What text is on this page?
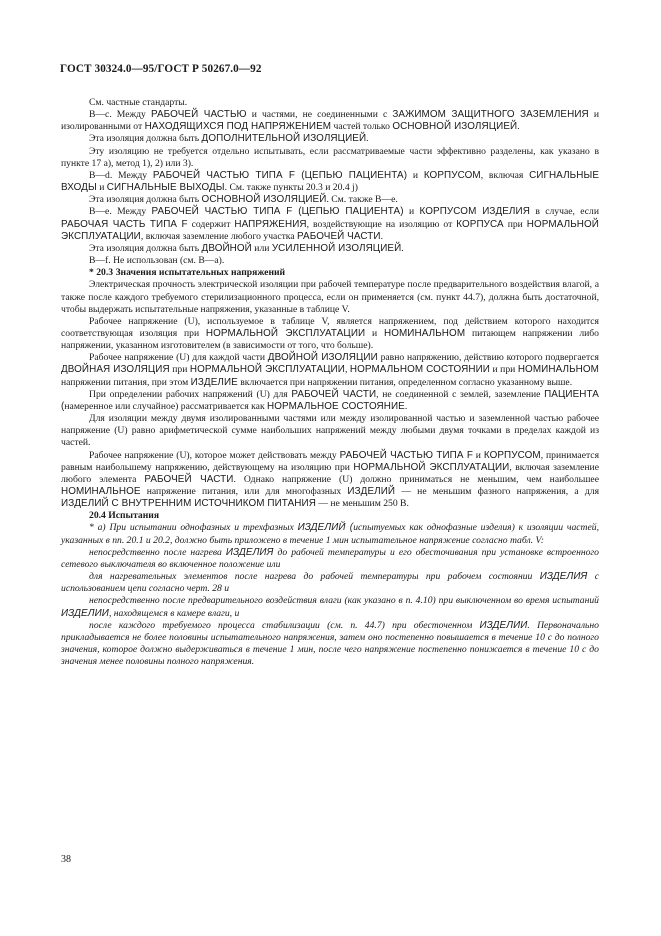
ГОСТ 30324.0—95/ГОСТ Р 50267.0—92

См. частные стандарты.

В—с. Между РАБОЧЕЙ ЧАСТЬЮ и частями, не соединенными с ЗАЖИМОМ ЗАЩИТНОГО ЗАЗЕМЛЕНИЯ и изолированными от НАХОДЯЩИХСЯ ПОД НАПРЯЖЕНИЕМ частей только ОСНОВНОЙ ИЗОЛЯЦИЕЙ.

Эта изоляция должна быть ДОПОЛНИТЕЛЬНОЙ ИЗОЛЯЦИЕЙ.

Эту изоляцию не требуется отдельно испытывать, если рассматриваемые части эффективно разделены, как указано в пункте 17 а), метод 1), 2) или 3).

В—d. Между РАБОЧЕЙ ЧАСТЬЮ ТИПА F (ЦЕПЬЮ ПАЦИЕНТА) и КОРПУСОМ, включая СИГНАЛЬНЫЕ ВХОДЫ и СИГНАЛЬНЫЕ ВЫХОДЫ. См. также пункты 20.3 и 20.4 j)

Эта изоляция должна быть ОСНОВНОЙ ИЗОЛЯЦИЕЙ. См. также В—е.

В—е. Между РАБОЧЕЙ ЧАСТЬЮ ТИПА F (ЦЕПЬЮ ПАЦИЕНТА) и КОРПУСОМ ИЗДЕЛИЯ в случае, если РАБОЧАЯ ЧАСТЬ ТИПА F содержит НАПРЯЖЕНИЯ, воздействующие на изоляцию от КОРПУСА при НОРМАЛЬНОЙ ЭКСПЛУАТАЦИИ, включая заземление любого участка РАБОЧЕЙ ЧАСТИ.

Эта изоляция должна быть ДВОЙНОЙ или УСИЛЕННОЙ ИЗОЛЯЦИЕЙ.

В—f. Не использован (см. В—а).

* 20.3 Значения испытательных напряжений

Электрическая прочность электрической изоляции при рабочей температуре после предварительного воздействия влагой, а также после каждого требуемого стерилизационного процесса, если он применяется (см. пункт 44.7), должна быть достаточной, чтобы выдержать испытательные напряжения, указанные в таблице V.

Рабочее напряжение (U), используемое в таблице V, является напряжением, под действием которого находится соответствующая изоляция при НОРМАЛЬНОЙ ЭКСПЛУАТАЦИИ и НОМИНАЛЬНОМ питающем напряжении либо напряжении, указанном изготовителем (в зависимости от того, что больше).

Рабочее напряжение (U) для каждой части ДВОЙНОЙ ИЗОЛЯЦИИ равно напряжению, действию которого подвергается ДВОЙНАЯ ИЗОЛЯЦИЯ при НОРМАЛЬНОЙ ЭКСПЛУАТАЦИИ, НОРМАЛЬНОМ СОСТОЯНИИ и при НОМИНАЛЬНОМ напряжении питания, при этом ИЗДЕЛИЕ включается при напряжении питания, определенном согласно указанному выше.

При определении рабочих напряжений (U) для РАБОЧЕЙ ЧАСТИ, не соединенной с землей, заземление ПАЦИЕНТА (намеренное или случайное) рассматривается как НОРМАЛЬНОЕ СОСТОЯНИЕ.

Для изоляции между двумя изолированными частями или между изолированной частью и заземленной частью рабочее напряжение (U) равно арифметической сумме наибольших напряжений между любыми двумя точками в пределах каждой из частей.

Рабочее напряжение (U), которое может действовать между РАБОЧЕЙ ЧАСТЬЮ ТИПА F и КОРПУСОМ, принимается равным наибольшему напряжению, действующему на изоляцию при НОРМАЛЬНОЙ ЭКСПЛУАТАЦИИ, включая заземление любого элемента РАБОЧЕЙ ЧАСТИ. Однако напряжение (U) должно приниматься не меньшим, чем наибольшее НОМИНАЛЬНОЕ напряжение питания, или для многофазных ИЗДЕЛИЙ — не меньшим фазного напряжения, а для ИЗДЕЛИЙ С ВНУТРЕННИМ ИСТОЧНИКОМ ПИТАНИЯ — не меньшим 250 В.

20.4 Испытания

* а) При испытании однофазных и трехфазных ИЗДЕЛИЙ (испытуемых как однофазные изделия) к изоляции частей, указанных в пп. 20.1 и 20.2, должно быть приложено в течение 1 мин испытательное напряжение согласно табл. V:

непосредственно после нагрева ИЗДЕЛИЯ до рабочей температуры и его обесточивания при установке встроенного сетевого выключателя во включенное положение или

для нагревательных элементов после нагрева до рабочей температуры при рабочем состоянии ИЗДЕЛИЯ с использованием цепи согласно черт. 28 и

непосредственно после предварительного воздействия влаги (как указано в п. 4.10) при выключенном во время испытаний ИЗДЕЛИИ, находящемся в камере влаги, и

после каждого требуемого процесса стабилизации (см. п. 44.7) при обесточенном ИЗДЕЛИИ. Первоначально прикладывается не более половины испытательного напряжения, затем оно постепенно повышается в течение 10 с до полного значения, которое должно выдерживаться в течение 1 мин, после чего напряжение постепенно понижается в течение 10 с до значения менее половины полного напряжения.

38
